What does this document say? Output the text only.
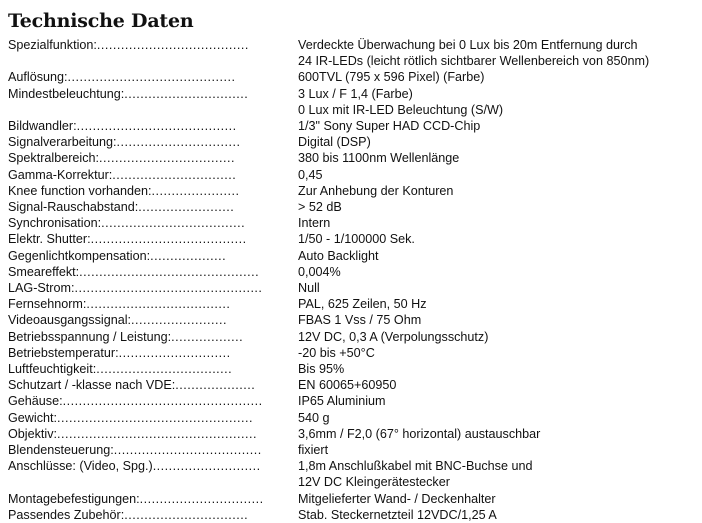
Technische Daten
Spezialfunktion:......................................	Verdeckte Überwachung bei 0 Lux bis 20m Entfernung durch
24 IR-LEDs (leicht rötlich sichtbarer Wellenbereich von 850nm)
Auflösung:..........................................	600TVL (795 x 596 Pixel) (Farbe)
Mindestbeleuchtung:...............................	3 Lux / F 1,4 (Farbe)
0 Lux mit IR-LED Beleuchtung (S/W)
Bildwandler:........................................	1/3" Sony Super HAD CCD-Chip
Signalverarbeitung:...............................	Digital (DSP)
Spektralbereich:..................................	380 bis 1100nm Wellenlänge
Gamma-Korrektur:...............................	0,45
Knee function vorhanden:......................	Zur Anhebung der Konturen
Signal-Rauschabstand:........................	> 52 dB
Synchronisation:....................................	Intern
Elektr. Shutter:.......................................	1/50 - 1/100000 Sek.
Gegenlichtkompensation:...................	Auto Backlight
Smeareffekt:.............................................	0,004%
LAG-Strom:...............................................	Null
Fernsehnorm:....................................	PAL, 625 Zeilen, 50 Hz
Videoausgangssignal:........................	FBAS 1 Vss / 75 Ohm
Betriebsspannung / Leistung:..................	12V DC, 0,3 A (Verpolungsschutz)
Betriebstemperatur:............................	-20 bis +50°C
Luftfeuchtigkeit:..................................	Bis 95%
Schutzart / -klasse nach VDE:....................	EN 60065+60950
Gehäuse:..................................................	IP65 Aluminium
Gewicht:.................................................	540 g
Objektiv:..................................................	3,6mm / F2,0 (67° horizontal) austauschbar
Blendensteuerung:.....................................	fixiert
Anschlüsse: (Video, Spg.)...........................	1,8m Anschlußkabel mit BNC-Buchse und
12V DC Kleingerätestecker
Montagebefestigungen:...............................	Mitgelieferter Wand- / Deckenhalter
Passendes Zubehör:...............................	Stab. Steckernetzteil 12VDC/1,25 A
